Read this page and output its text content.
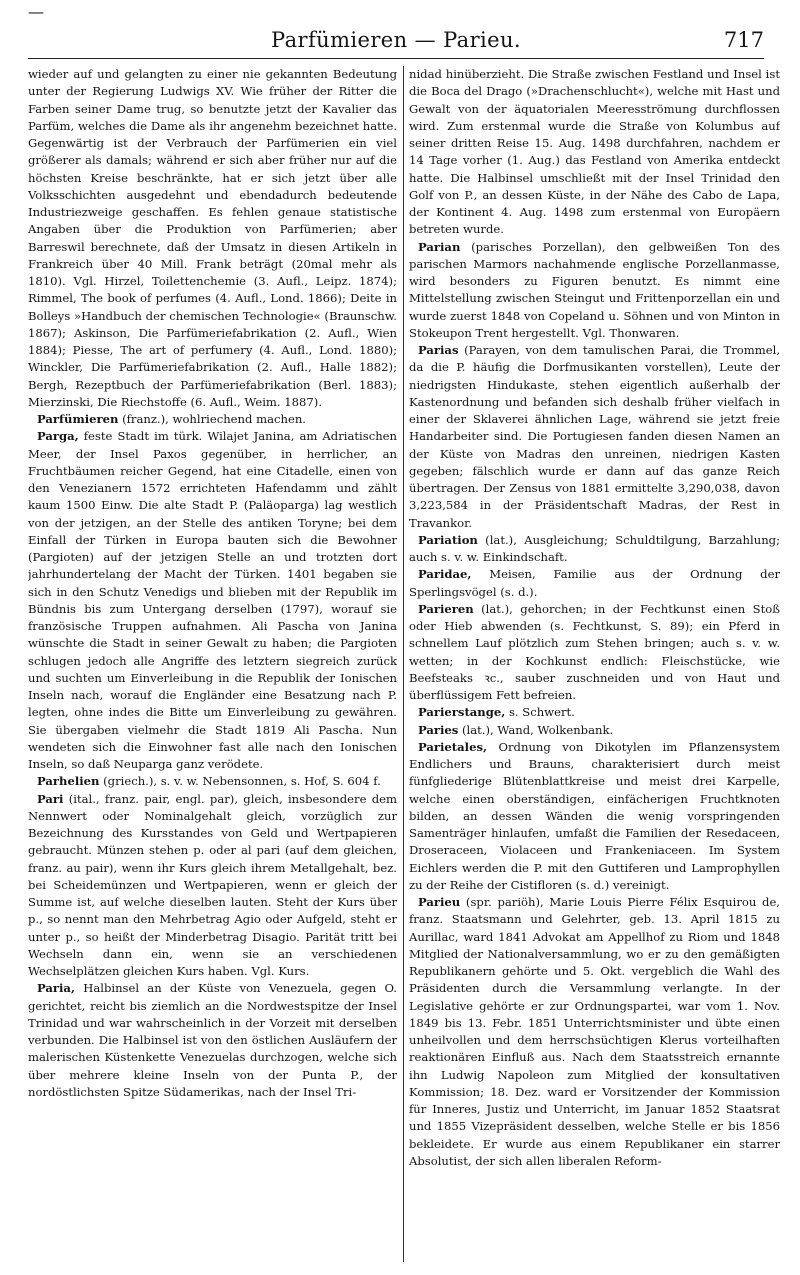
—
Parfümieren — Parieu.	717

wieder auf und gelangten zu einer nie gekannten Bedeutung unter der Regierung Ludwigs XV. Wie früher der Ritter die Farben seiner Dame trug, so benutzte jetzt der Kavalier das Parfüm, welches die Dame als ihr angenehm bezeichnet hatte. Gegenwärtig ist der Verbrauch der Parfümerien ein viel größerer als damals; während er sich aber früher nur auf die höchsten Kreise beschränkte, hat er sich jetzt über alle Volksschichten ausgedehnt und ebendadurch bedeutende Industriezweige geschaffen. Es fehlen genaue statistische Angaben über die Produktion von Parfümerien; aber Barreswil berechnete, daß der Umsatz in diesen Artikeln in Frankreich über 40 Mill. Frank beträgt (20mal mehr als 1810). Vgl. Hirzel, Toilettenchemie (3. Aufl., Leipz. 1874); Rimmel, The book of perfumes (4. Aufl., Lond. 1866); Deite in Bolleys »Handbuch der chemischen Technologie« (Braunschw. 1867); Askinson, Die Parfümeriefabrikation (2. Aufl., Wien 1884); Piesse, The art of perfumery (4. Aufl., Lond. 1880); Winckler, Die Parfümeriefabrikation (2. Aufl., Halle 1882); Bergh, Rezeptbuch der Parfümeriefabrikation (Berl. 1883); Mierzinski, Die Riechstoffe (6. Aufl., Weim. 1887).

Parfümieren (franz.), wohlriechend machen.

Parga, feste Stadt im türk. Wilajet Janina, am Adriatischen Meer, der Insel Paxos gegenüber, in herrlicher, an Fruchtbäumen reicher Gegend, hat eine Citadelle, einen von den Venezianern 1572 errichteten Hafendamm und zählt kaum 1500 Einw. Die alte Stadt P. (Paläoparga) lag westlich von der jetzigen, an der Stelle des antiken Toryne; bei dem Einfall der Türken in Europa bauten sich die Bewohner (Pargioten) auf der jetzigen Stelle an und trotzten dort jahrhundertelang der Macht der Türken. 1401 begaben sie sich in den Schutz Venedigs und blieben mit der Republik im Bündnis bis zum Untergang derselben (1797), worauf sie französische Truppen aufnahmen. Ali Pascha von Janina wünschte die Stadt in seiner Gewalt zu haben; die Pargioten schlugen jedoch alle Angriffe des letztern siegreich zurück und suchten um Einverleibung in die Republik der Ionischen Inseln nach, worauf die Engländer eine Besatzung nach P. legten, ohne indes die Bitte um Einverleibung zu gewähren. Sie übergaben vielmehr die Stadt 1819 Ali Pascha. Nun wendeten sich die Einwohner fast alle nach den Ionischen Inseln, so daß Neuparga ganz verödete.

Parhelien (griech.), s. v. w. Nebensonnen, s. Hof, S. 604 f.

Pari (ital., franz. pair, engl. par), gleich, insbesondere dem Nennwert oder Nominalgehalt gleich, vorzüglich zur Bezeichnung des Kursstandes von Geld und Wertpapieren gebraucht. Münzen stehen p. oder al pari (auf dem gleichen, franz. au pair), wenn ihr Kurs gleich ihrem Metallgehalt, bez. bei Scheidemünzen und Wertpapieren, wenn er gleich der Summe ist, auf welche dieselben lauten. Steht der Kurs über p., so nennt man den Mehrbetrag Agio oder Aufgeld, steht er unter p., so heißt der Minderbetrag Disagio. Parität tritt bei Wechseln dann ein, wenn sie an verschiedenen Wechselplätzen gleichen Kurs haben. Vgl. Kurs.

Paria, Halbinsel an der Küste von Venezuela, gegen O. gerichtet, reicht bis ziemlich an die Nordwestspitze der Insel Trinidad und war wahrscheinlich in der Vorzeit mit derselben verbunden. Die Halbinsel ist von den östlichen Ausläufern der malerischen Küstenkette Venezuelas durchzogen, welche sich über mehrere kleine Inseln von der Punta P., der nordöstlichsten Spitze Südamerikas, nach der Insel Tri-

nidad hinüberzieht. Die Straße zwischen Festland und Insel ist die Boca del Drago (»Drachenschlucht«), welche mit Hast und Gewalt von der äquatorialen Meeresströmung durchflossen wird. Zum erstenmal wurde die Straße von Kolumbus auf seiner dritten Reise 15. Aug. 1498 durchfahren, nachdem er 14 Tage vorher (1. Aug.) das Festland von Amerika entdeckt hatte. Die Halbinsel umschließt mit der Insel Trinidad den Golf von P., an dessen Küste, in der Nähe des Cabo de Lapa, der Kontinent 4. Aug. 1498 zum erstenmal von Europäern betreten wurde.

Parian (parisches Porzellan), den gelbweißen Ton des parischen Marmors nachahmende englische Porzellanmasse, wird besonders zu Figuren benutzt. Es nimmt eine Mittelstellung zwischen Steingut und Frittenporzellan ein und wurde zuerst 1848 von Copeland u. Söhnen und von Minton in Stokeupon Trent hergestellt. Vgl. Thonwaren.

Parias (Parayen, von dem tamulischen Parai, die Trommel, da die P. häufig die Dorfmusikanten vorstellen), Leute der niedrigsten Hindukaste, stehen eigentlich außerhalb der Kastenordnung und befanden sich deshalb früher vielfach in einer der Sklaverei ähnlichen Lage, während sie jetzt freie Handarbeiter sind. Die Portugiesen fanden diesen Namen an der Küste von Madras den unreinen, niedrigen Kasten gegeben; fälschlich wurde er dann auf das ganze Reich übertragen. Der Zensus von 1881 ermittelte 3,290,038, davon 3,223,584 in der Präsidentschaft Madras, der Rest in Travankor.

Pariation (lat.), Ausgleichung; Schuldtilgung, Barzahlung; auch s. v. w. Einkindschaft.

Paridae, Meisen, Familie aus der Ordnung der Sperlingsvögel (s. d.).

Parieren (lat.), gehorchen; in der Fechtkunst einen Stoß oder Hieb abwenden (s. Fechtkunst, S. 89); ein Pferd in schnellem Lauf plötzlich zum Stehen bringen; auch s. v. w. wetten; in der Kochkunst endlich: Fleischstücke, wie Beefsteaks ꝛc., sauber zuschneiden und von Haut und überflüssigem Fett befreien.

Parierstange, s. Schwert.

Paries (lat.), Wand, Wolkenbank.

Parietales, Ordnung von Dikotylen im Pflanzensystem Endlichers und Brauns, charakterisiert durch meist fünfgliederige Blütenblattkreise und meist drei Karpelle, welche einen oberständigen, einfächerigen Fruchtknoten bilden, an dessen Wänden die wenig vorspringenden Samenträger hinlaufen, umfaßt die Familien der Resedaceen, Droseraceen, Violaceen und Frankeniaceen. Im System Eichlers werden die P. mit den Guttiferen und Lamprophyllen zu der Reihe der Cistifloren (s. d.) vereinigt.

Parieu (spr. pariöh), Marie Louis Pierre Félix Esquirou de, franz. Staatsmann und Gelehrter, geb. 13. April 1815 zu Aurillac, ward 1841 Advokat am Appellhof zu Riom und 1848 Mitglied der Nationalversammlung, wo er zu den gemäßigten Republikanern gehörte und 5. Okt. vergeblich die Wahl des Präsidenten durch die Versammlung verlangte. In der Legislative gehörte er zur Ordnungspartei, war vom 1. Nov. 1849 bis 13. Febr. 1851 Unterrichtsminister und übte einen unheilvollen und dem herrschsüchtigen Klerus vorteilhaften reaktionären Einfluß aus. Nach dem Staatsstreich ernannte ihn Ludwig Napoleon zum Mitglied der konsultativen Kommission; 18. Dez. ward er Vorsitzender der Kommission für Inneres, Justiz und Unterricht, im Januar 1852 Staatsrat und 1855 Vizepräsident desselben, welche Stelle er bis 1856 bekleidete. Er wurde aus einem Republikaner ein starrer Absolutist, der sich allen liberalen Reform-
